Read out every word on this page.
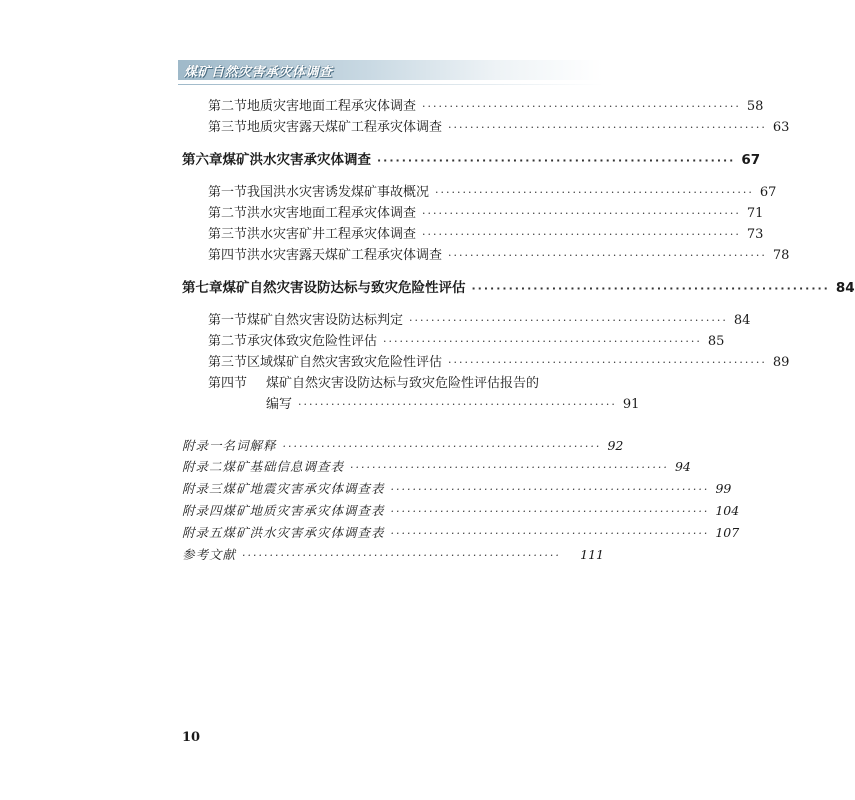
煤矿自然灾害承灾体调查
第二节 地质灾害地面工程承灾体调查 ·························································· 58
第三节 地质灾害露天煤矿工程承灾体调查 ·························································· 63
第六章 煤矿洪水灾害承灾体调查 ·························································· 67
第一节 我国洪水灾害诱发煤矿事故概况 ·························································· 67
第二节 洪水灾害地面工程承灾体调查 ·························································· 71
第三节 洪水灾害矿井工程承灾体调查 ·························································· 73
第四节 洪水灾害露天煤矿工程承灾体调查 ·························································· 78
第七章 煤矿自然灾害设防达标与致灾危险性评估 ·························································· 84
第一节 煤矿自然灾害设防达标判定 ·························································· 84
第二节 承灾体致灾危险性评估 ·························································· 85
第三节 区域煤矿自然灾害致灾危险性评估 ·························································· 89
第四节	煤矿自然灾害设防达标与致灾危险性评估报告的
编写 ·························································· 91
附录一 名词解释 ·························································· 92
附录二 煤矿基础信息调查表 ·························································· 94
附录三 煤矿地震灾害承灾体调查表 ·························································· 99
附录四 煤矿地质灾害承灾体调查表 ·························································· 104
附录五 煤矿洪水灾害承灾体调查表 ·························································· 107
参考文献 ··························································	111
10
